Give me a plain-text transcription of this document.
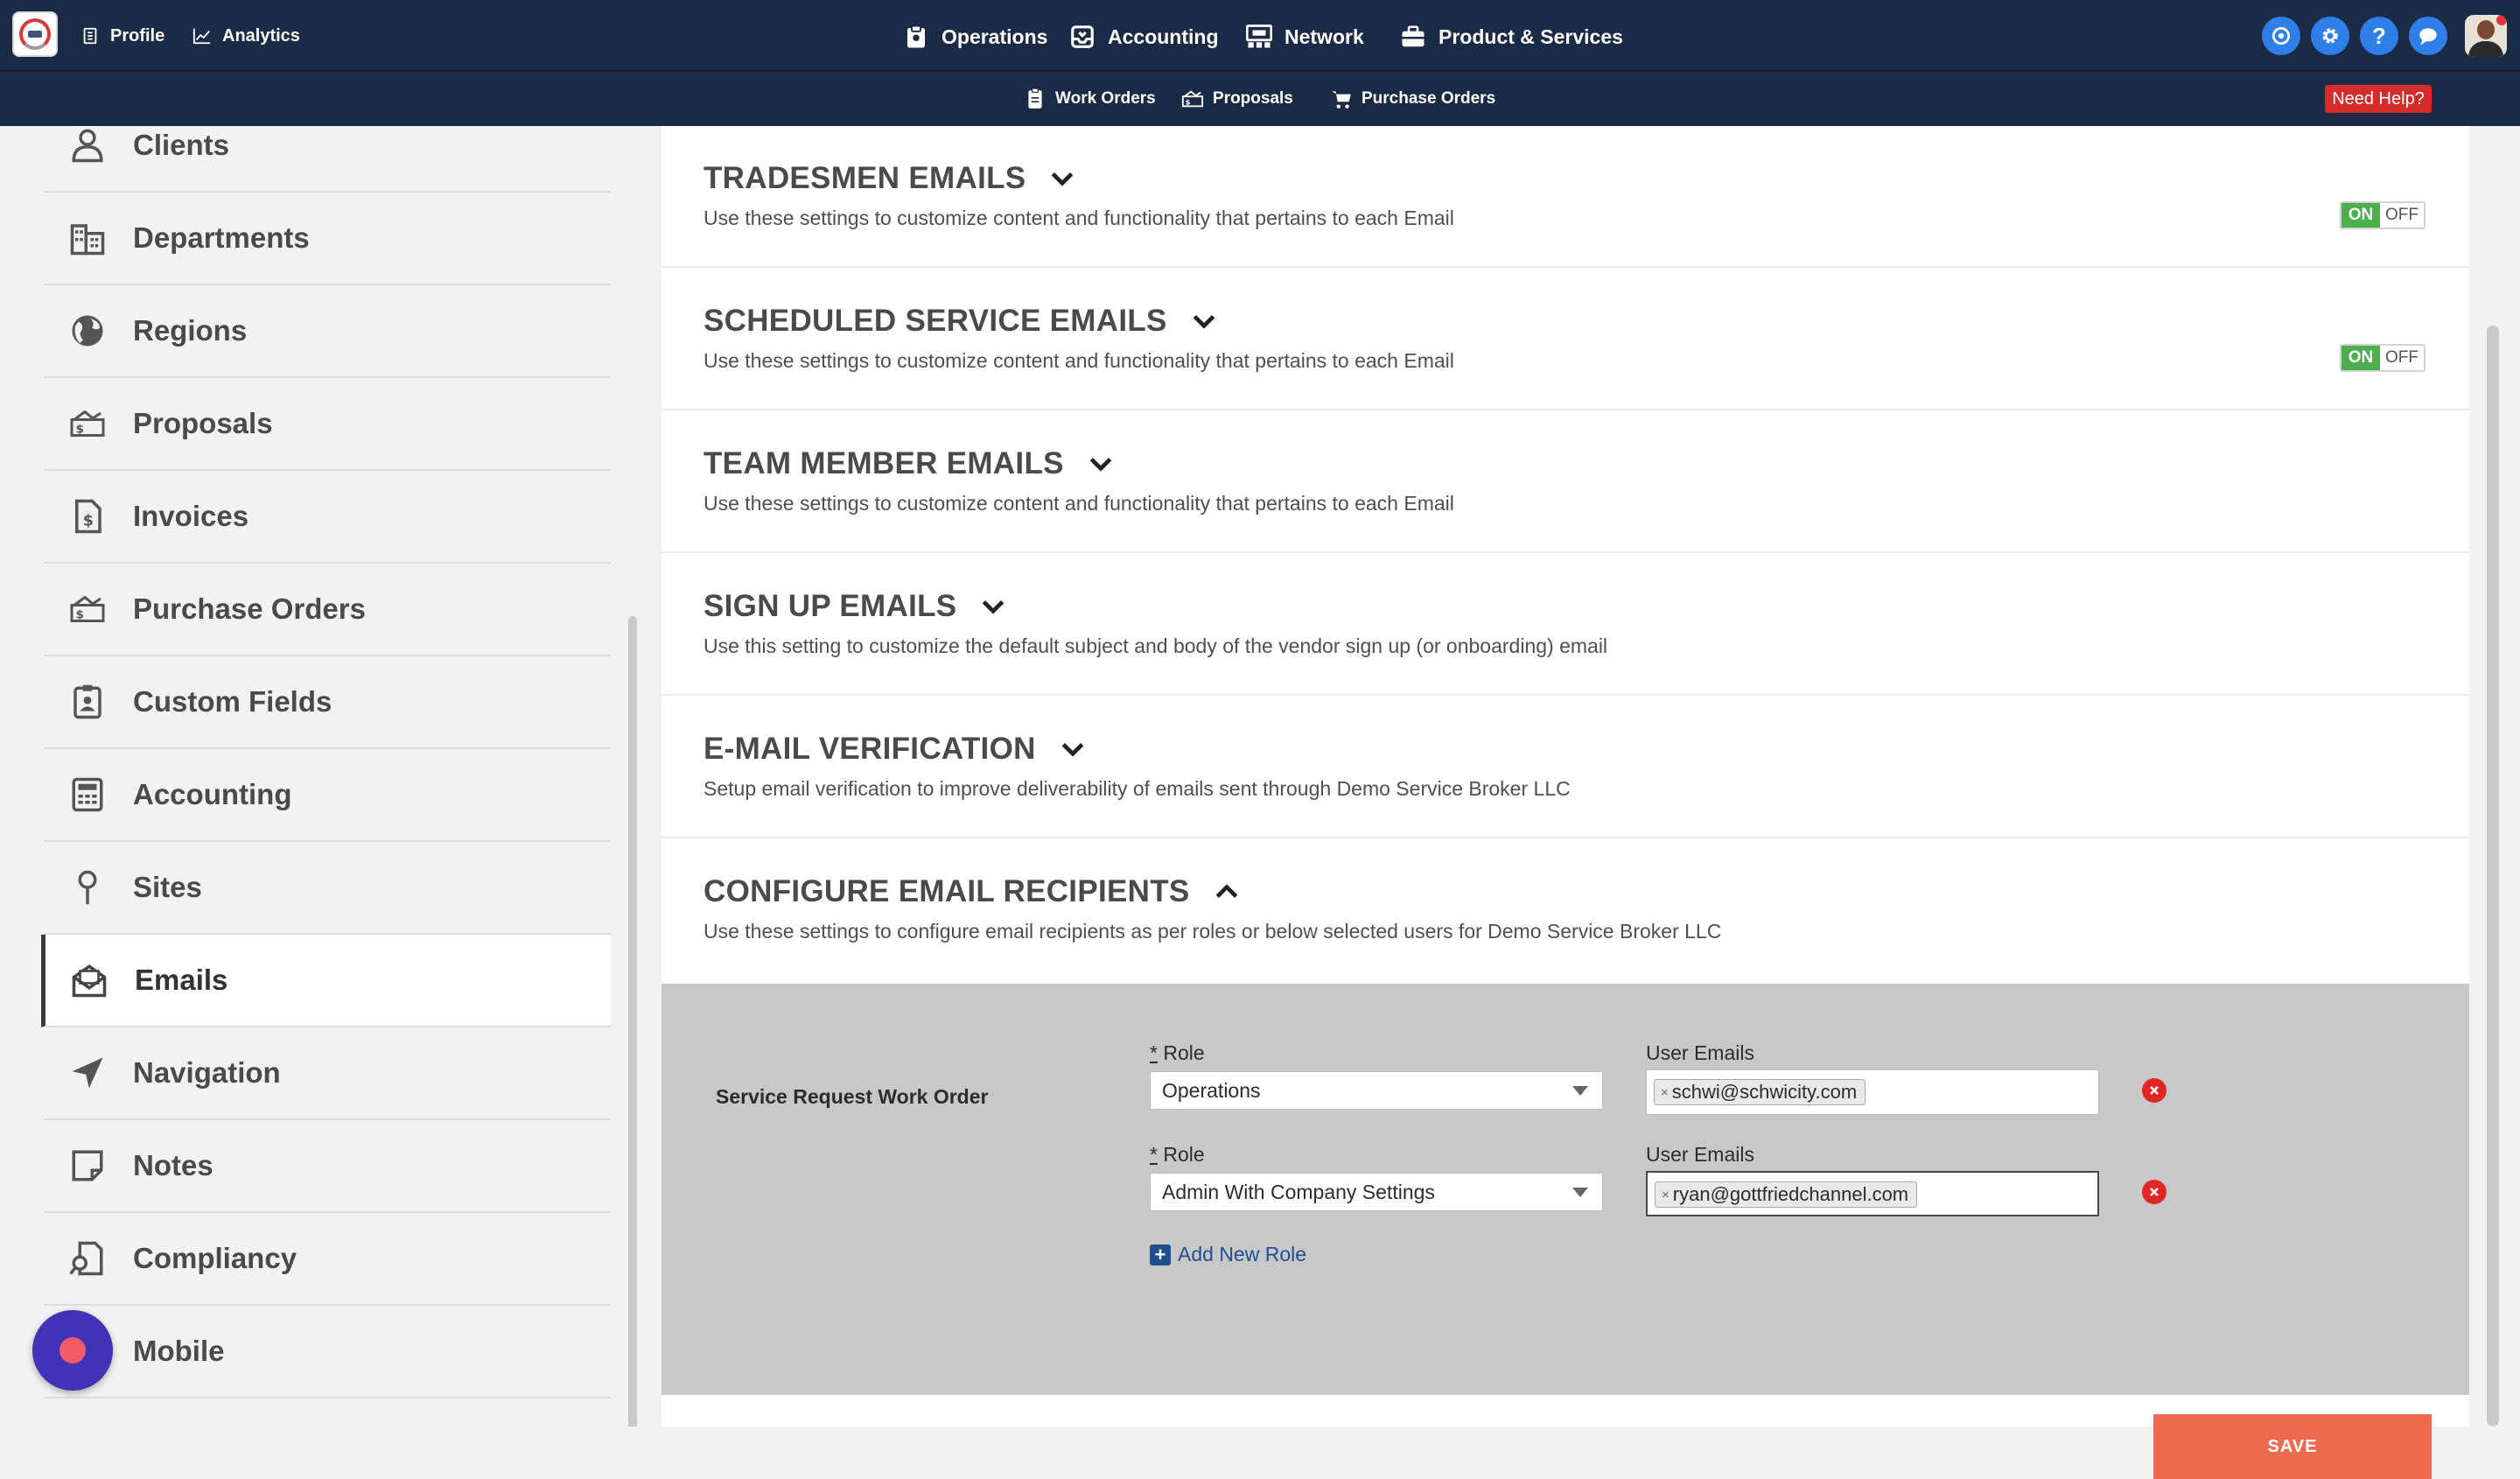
Profile	Analytics	Operations	Accounting	Network	Product & Services	?
Work Orders	$ Proposals	Purchase Orders	Need Help?
Clients
Departments
Regions
$ Proposals
$ Invoices
$ Purchase Orders
Custom Fields
Accounting
Sites
Emails
Navigation
Notes
Compliancy
Mobile
TRADESMEN EMAILS
Use these settings to customize content and functionality that pertains to each Email	ON OFF
SCHEDULED SERVICE EMAILS
Use these settings to customize content and functionality that pertains to each Email	ON OFF
TEAM MEMBER EMAILS
Use these settings to customize content and functionality that pertains to each Email
SIGN UP EMAILS
Use this setting to customize the default subject and body of the vendor sign up (or onboarding) email
E-MAIL VERIFICATION
Setup email verification to improve deliverability of emails sent through Demo Service Broker LLC
CONFIGURE EMAIL RECIPIENTS
Use these settings to configure email recipients as per roles or below selected users for Demo Service Broker LLC
Service Request Work Order
* Role
Operations
User Emails
× schwi@schwicity.com
* Role
Admin With Company Settings
User Emails
× ryan@gottfriedchannel.com
+ Add New Role
SAVE
